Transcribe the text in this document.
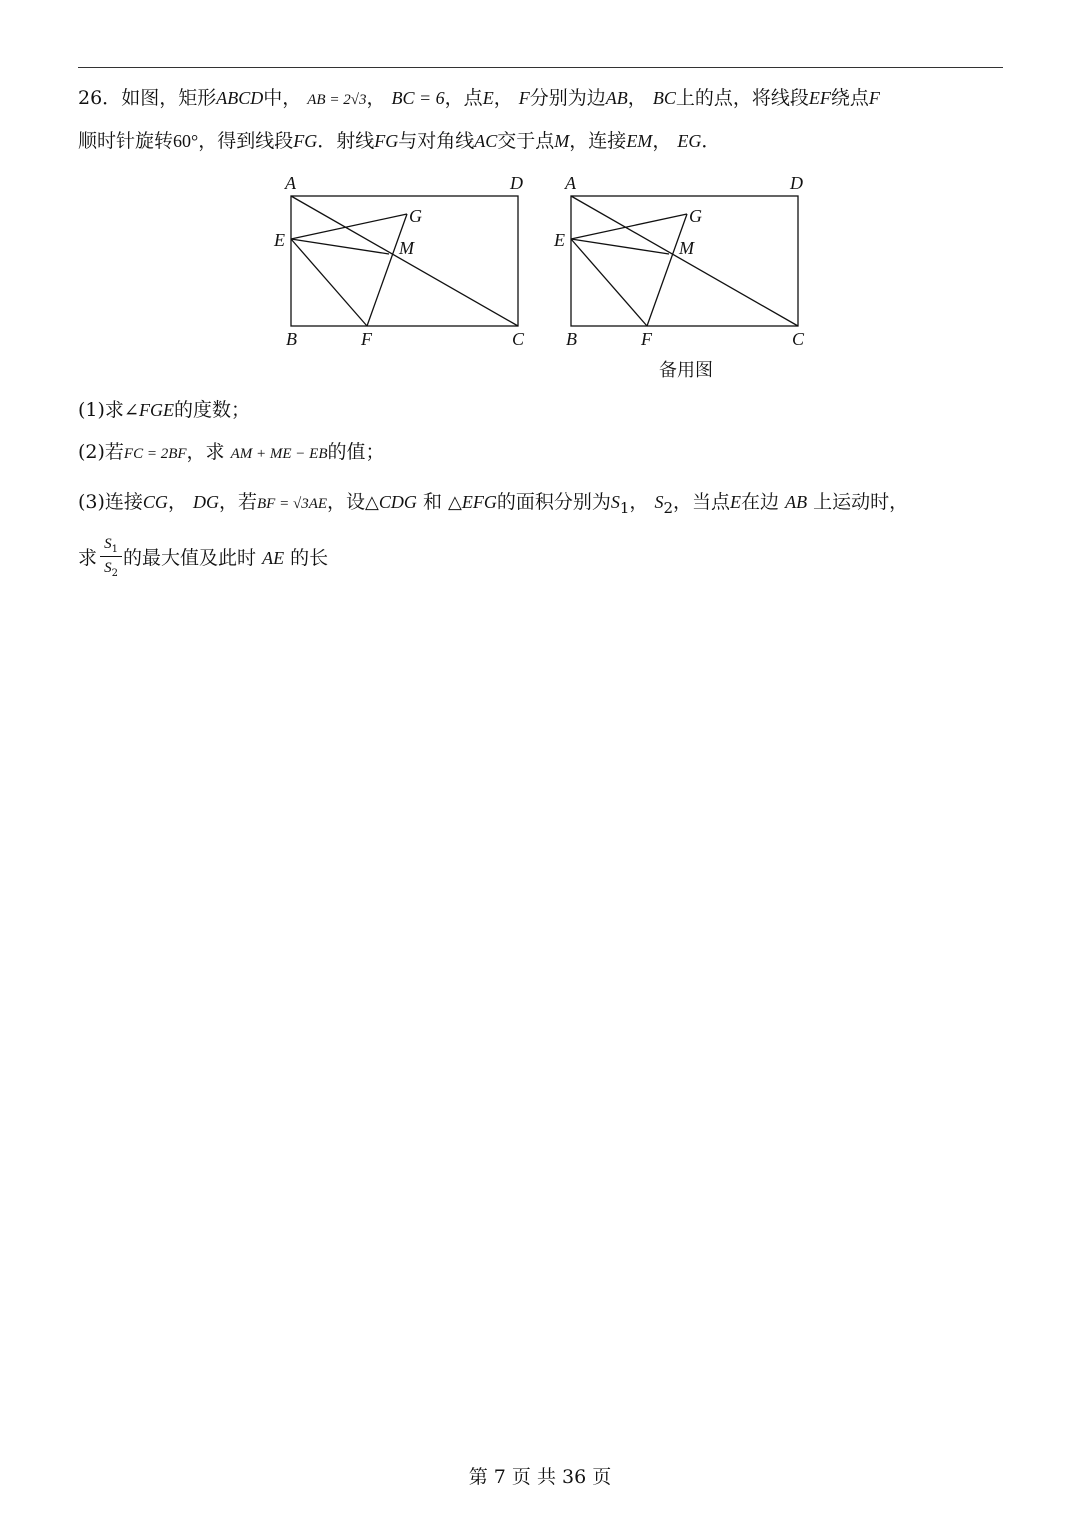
26．如图，矩形ABCD中， AB = 2√3， BC = 6，点E， F分别为边AB， BC上的点，将线段EF绕点F
顺时针旋转60°，得到线段FG．射线FG与对角线AC交于点M，连接EM， EG．
A	D
E
G
M
B	F	C
A	D
E
G
M
B	F	C
备用图
(1)求∠FGE的度数；
(2)若FC = 2BF，求 AM + ME − EB的值；
(3)连接CG， DG，若BF = √3AE，设△CDG 和 △EFG的面积分别为$S_1$， $S_2$，当点E在边 AB 上运动时，
求 的最大值及此时 AE 的长
$S_1$
$S_2$
第 7 页 共 36 页
